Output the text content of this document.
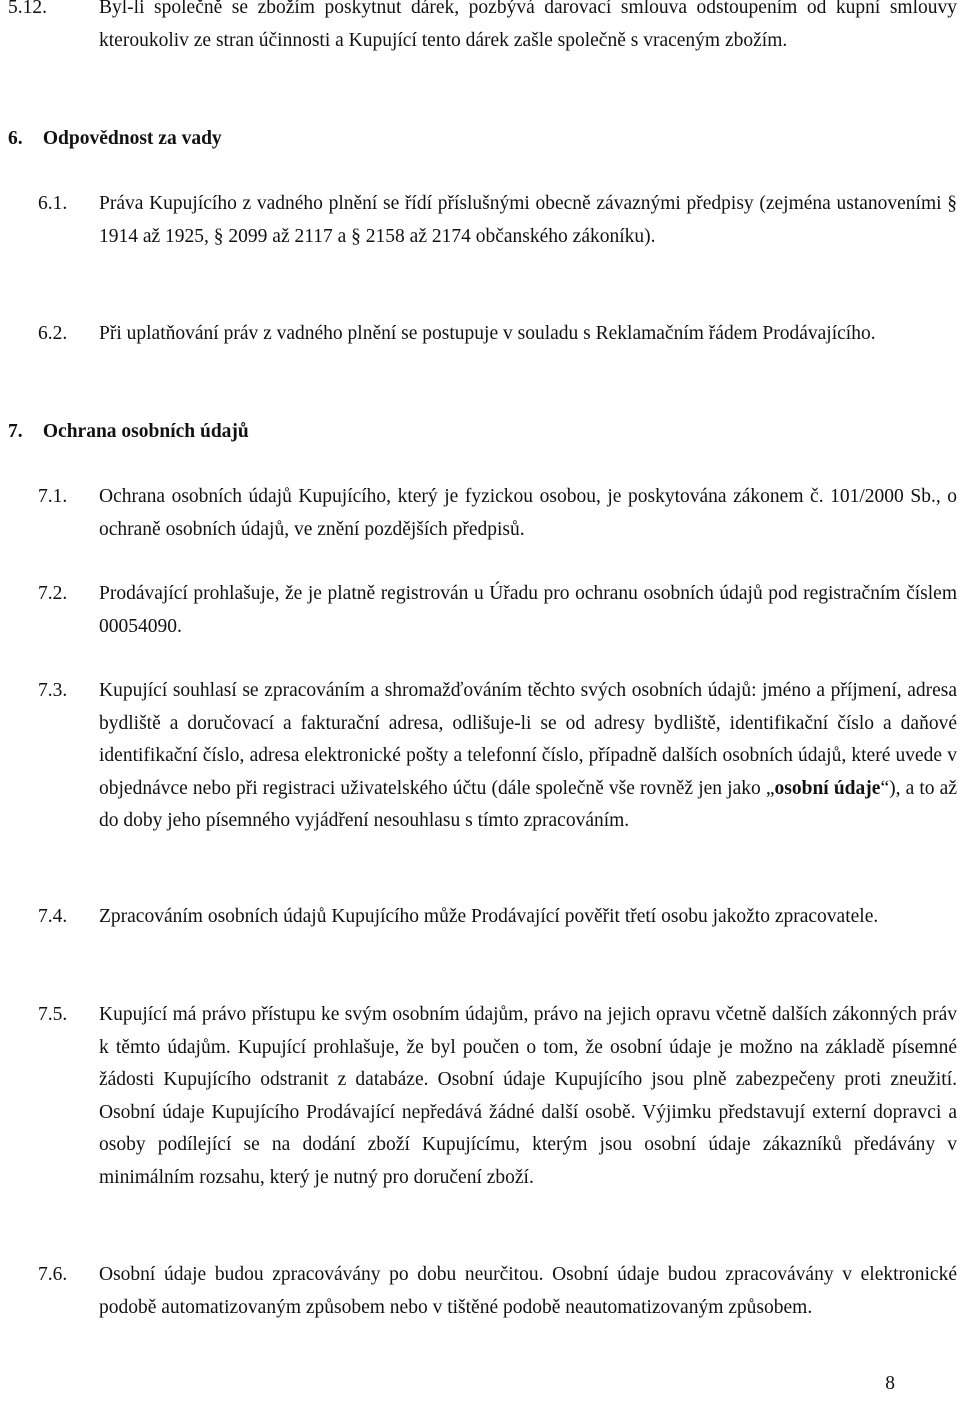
5.12.	Byl-li společně se zbožím poskytnut dárek, pozbývá darovací smlouva odstoupením od kupní smlouvy kteroukoliv ze stran účinnosti a Kupující tento dárek zašle společně s vraceným zbožím.
6. Odpovědnost za vady
6.1. Práva Kupujícího z vadného plnění se řídí příslušnými obecně závaznými předpisy (zejména ustanoveními § 1914 až 1925, § 2099 až 2117 a § 2158 až 2174 občanského zákoníku).
6.2. Při uplatňování práv z vadného plnění se postupuje v souladu s Reklamačním řádem Prodávajícího.
7. Ochrana osobních údajů
7.1. Ochrana osobních údajů Kupujícího, který je fyzickou osobou, je poskytována zákonem č. 101/2000 Sb., o ochraně osobních údajů, ve znění pozdějších předpisů.
7.2. Prodávající prohlašuje, že je platně registrován u Úřadu pro ochranu osobních údajů pod registračním číslem 00054090.
7.3. Kupující souhlasí se zpracováním a shromažďováním těchto svých osobních údajů: jméno a příjmení, adresa bydliště a doručovací a fakturační adresa, odlišuje-li se od adresy bydliště, identifikační číslo a daňové identifikační číslo, adresa elektronické pošty a telefonní číslo, případně dalších osobních údajů, které uvede v objednávce nebo při registraci uživatelského účtu (dále společně vše rovněž jen jako „osobní údaje“), a to až do doby jeho písemného vyjádření nesouhlasu s tímto zpracováním.
7.4. Zpracováním osobních údajů Kupujícího může Prodávající pověřit třetí osobu jakožto zpracovatele.
7.5. Kupující má právo přístupu ke svým osobním údajům, právo na jejich opravu včetně dalších zákonných práv k těmto údajům. Kupující prohlašuje, že byl poučen o tom, že osobní údaje je možno na základě písemné žádosti Kupujícího odstranit z databáze. Osobní údaje Kupujícího jsou plně zabezpečeny proti zneužití. Osobní údaje Kupujícího Prodávající nepředává žádné další osobě. Výjimku představují externí dopravci a osoby podílející se na dodání zboží Kupujícímu, kterým jsou osobní údaje zákazníků předávány v minimálním rozsahu, který je nutný pro doručení zboží.
7.6. Osobní údaje budou zpracovávány po dobu neurčitou. Osobní údaje budou zpracovávány v elektronické podobě automatizovaným způsobem nebo v tištěné podobě neautomatizovaným způsobem.
8
